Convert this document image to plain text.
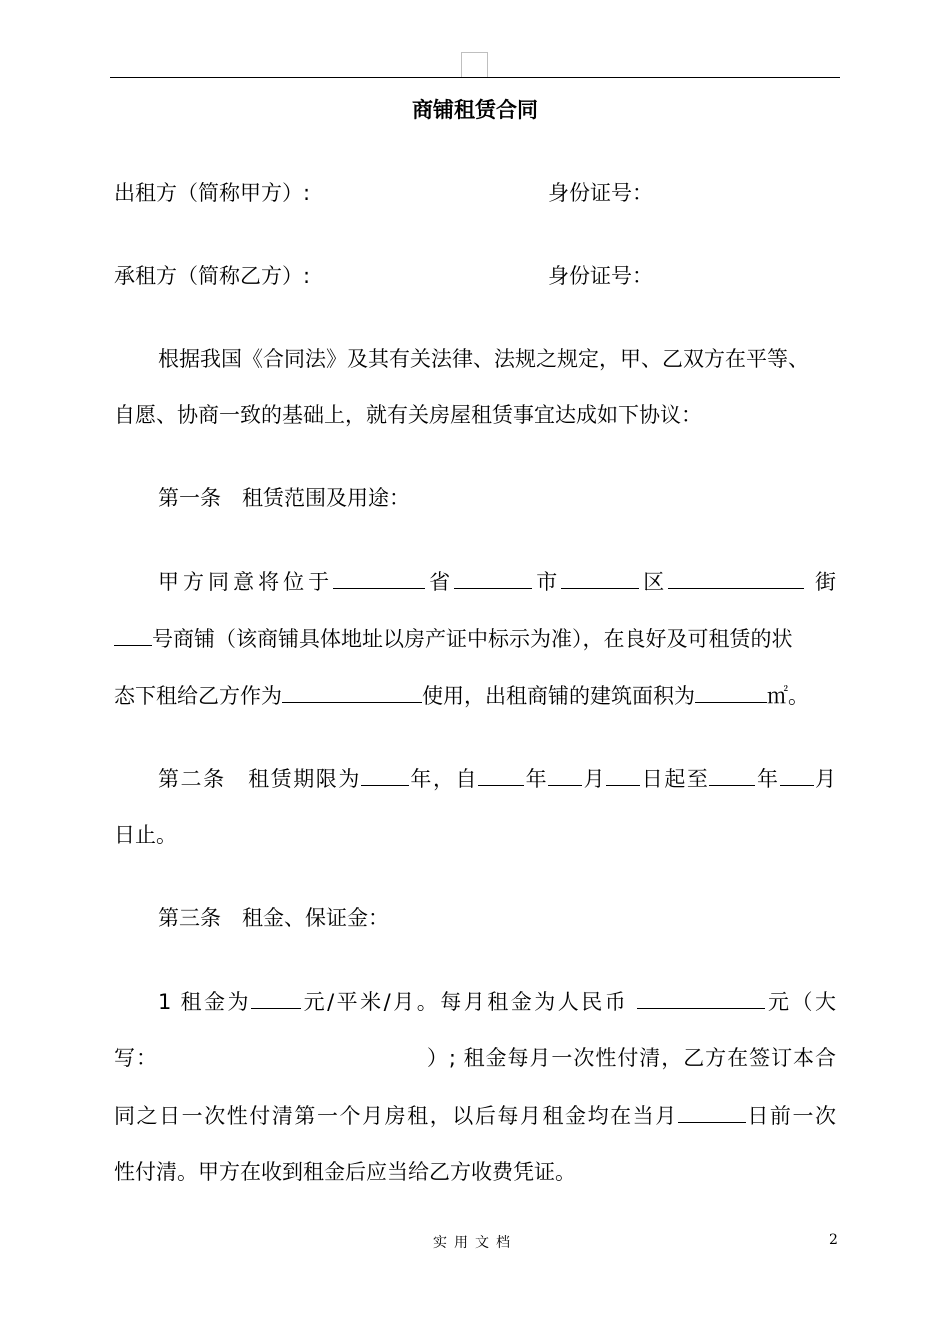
商铺租赁合同
出租方（简称甲方）:	身份证号：
承租方（简称乙方）:	身份证号：
根据我国《合同法》及其有关法律、法规之规定，甲、乙双方在平等、
自愿、协商一致的基础上，就有关房屋租赁事宜达成如下协议：
第一条　租赁范围及用途：
甲方同意将位于	省	市	区	街
号商铺（该商铺具体地址以房产证中标示为准），在良好及可租赁的状
态下租给乙方作为	使用，出租商铺的建筑面积为	㎡。
第二条　租赁期限为 年，自 年 月 日起至 年 月
日止。
第三条　租金、保证金：
1 租金为 元/平米/月。每月租金为人民币	元（大
写：	）; 租金每月一次性付清，乙方在签订本合
同之日一次性付清第一个月房租，以后每月租金均在当月	日前一次
性付清。甲方在收到租金后应当给乙方收费凭证。
实用文档	2
